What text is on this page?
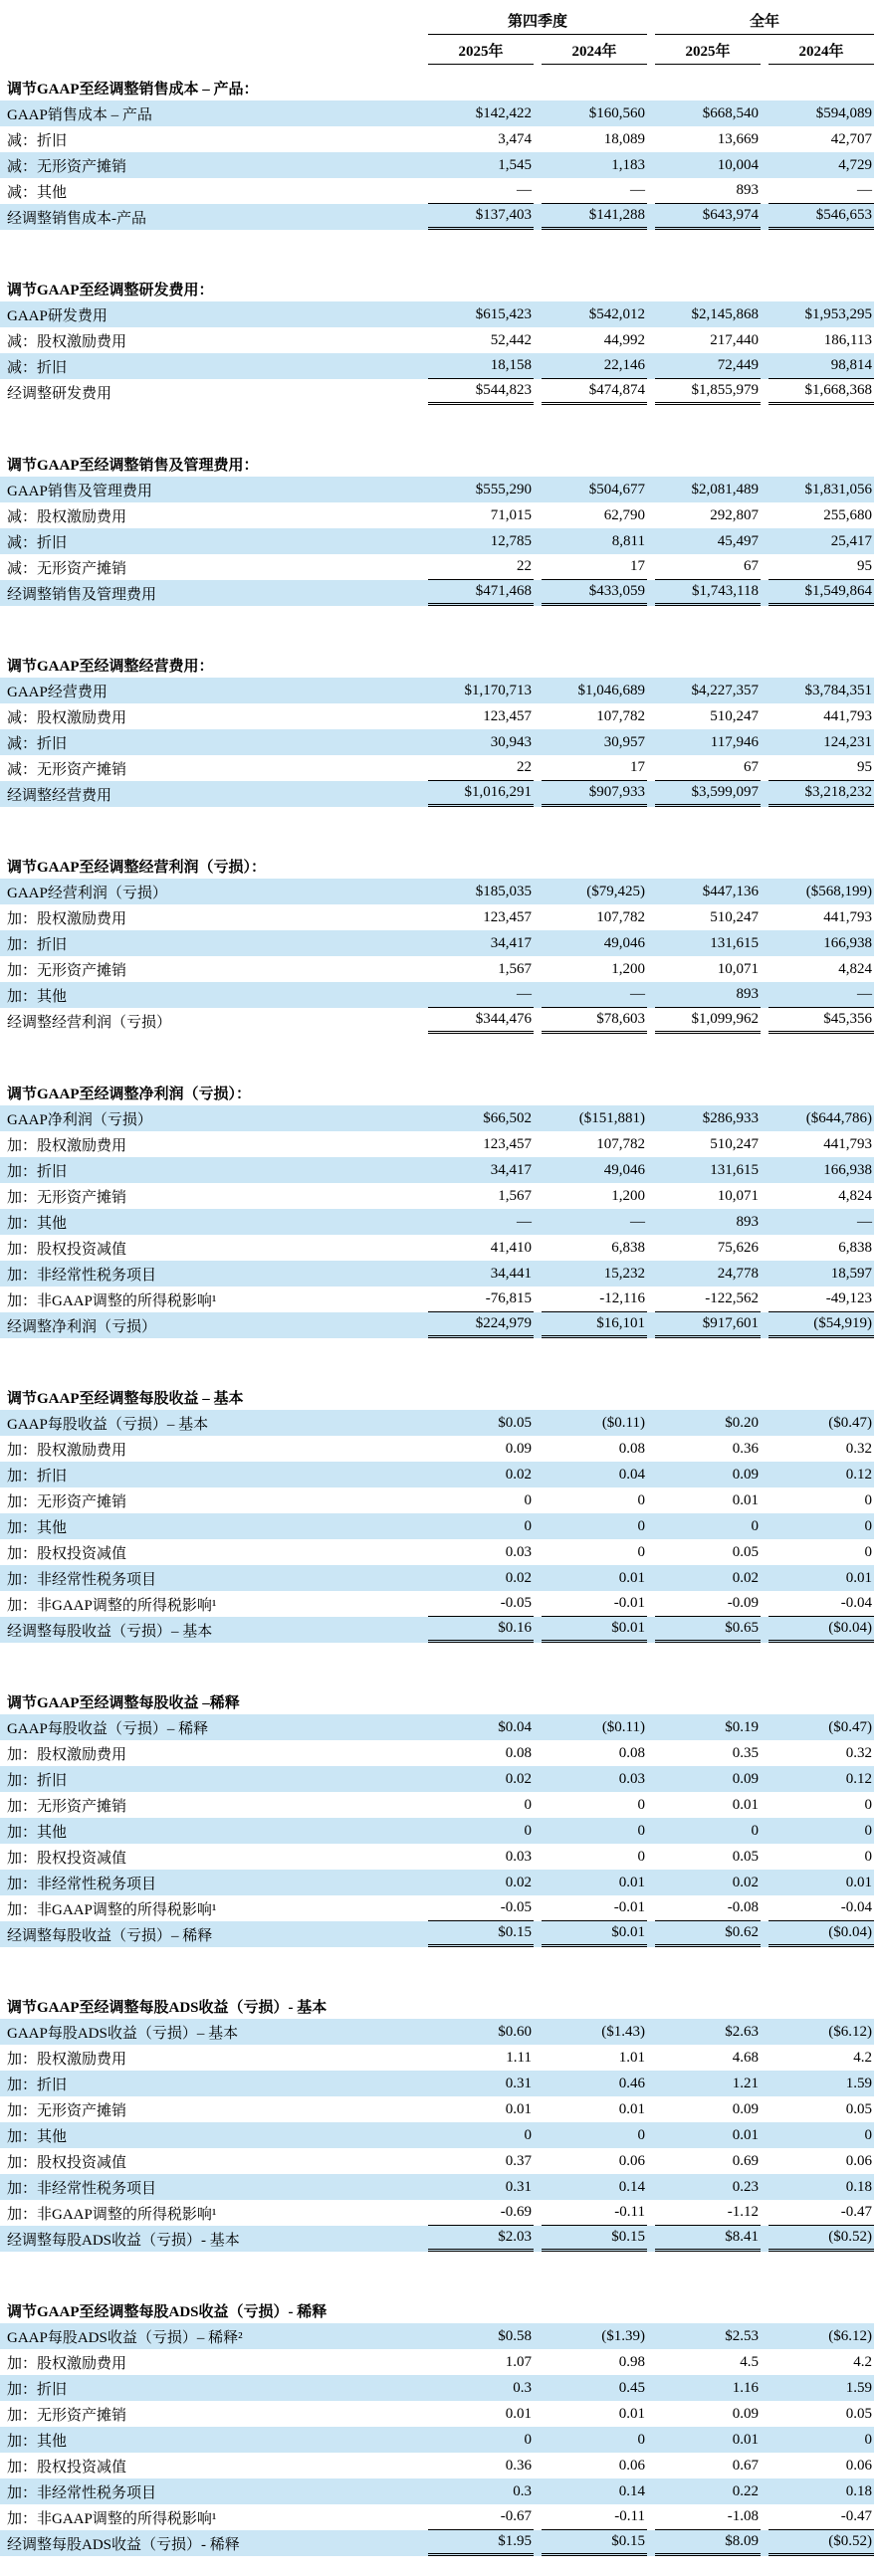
第四季度	全年
2025年	2024年	2025年	2024年
调节GAAP至经调整销售成本 – 产品：
GAAP销售成本 – 产品	$142,422	$160,560	$668,540	$594,089
减：折旧	3,474	18,089	13,669	42,707
减：无形资产摊销	1,545	1,183	10,004	4,729
减：其他	—	—	893	—
经调整销售成本-产品	$137,403	$141,288	$643,974	$546,653
调节GAAP至经调整研发费用：
GAAP研发费用	$615,423	$542,012	$2,145,868	$1,953,295
减：股权激励费用	52,442	44,992	217,440	186,113
减：折旧	18,158	22,146	72,449	98,814
经调整研发费用	$544,823	$474,874	$1,855,979	$1,668,368
调节GAAP至经调整销售及管理费用：
GAAP销售及管理费用	$555,290	$504,677	$2,081,489	$1,831,056
减：股权激励费用	71,015	62,790	292,807	255,680
减：折旧	12,785	8,811	45,497	25,417
减：无形资产摊销	22	17	67	95
经调整销售及管理费用	$471,468	$433,059	$1,743,118	$1,549,864
调节GAAP至经调整经营费用：
GAAP经营费用	$1,170,713	$1,046,689	$4,227,357	$3,784,351
减：股权激励费用	123,457	107,782	510,247	441,793
减：折旧	30,943	30,957	117,946	124,231
减：无形资产摊销	22	17	67	95
经调整经营费用	$1,016,291	$907,933	$3,599,097	$3,218,232
调节GAAP至经调整经营利润（亏损）：
GAAP经营利润（亏损）	$185,035	($79,425)	$447,136	($568,199)
加：股权激励费用	123,457	107,782	510,247	441,793
加：折旧	34,417	49,046	131,615	166,938
加：无形资产摊销	1,567	1,200	10,071	4,824
加：其他	—	—	893	—
经调整经营利润（亏损）	$344,476	$78,603	$1,099,962	$45,356
调节GAAP至经调整净利润（亏损）：
GAAP净利润（亏损）	$66,502	($151,881)	$286,933	($644,786)
加：股权激励费用	123,457	107,782	510,247	441,793
加：折旧	34,417	49,046	131,615	166,938
加：无形资产摊销	1,567	1,200	10,071	4,824
加：其他	—	—	893	—
加：股权投资减值	41,410	6,838	75,626	6,838
加：非经常性税务项目	34,441	15,232	24,778	18,597
加：非GAAP调整的所得税影响¹	-76,815	-12,116	-122,562	-49,123
经调整净利润（亏损）	$224,979	$16,101	$917,601	($54,919)
调节GAAP至经调整每股收益 – 基本
GAAP每股收益（亏损）– 基本	$0.05	($0.11)	$0.20	($0.47)
加：股权激励费用	0.09	0.08	0.36	0.32
加：折旧	0.02	0.04	0.09	0.12
加：无形资产摊销	0	0	0.01	0
加：其他	0	0	0	0
加：股权投资减值	0.03	0	0.05	0
加：非经常性税务项目	0.02	0.01	0.02	0.01
加：非GAAP调整的所得税影响¹	-0.05	-0.01	-0.09	-0.04
经调整每股收益（亏损）– 基本	$0.16	$0.01	$0.65	($0.04)
调节GAAP至经调整每股收益 –稀释
GAAP每股收益（亏损）– 稀释	$0.04	($0.11)	$0.19	($0.47)
加：股权激励费用	0.08	0.08	0.35	0.32
加：折旧	0.02	0.03	0.09	0.12
加：无形资产摊销	0	0	0.01	0
加：其他	0	0	0	0
加：股权投资减值	0.03	0	0.05	0
加：非经常性税务项目	0.02	0.01	0.02	0.01
加：非GAAP调整的所得税影响¹	-0.05	-0.01	-0.08	-0.04
经调整每股收益（亏损）– 稀释	$0.15	$0.01	$0.62	($0.04)
调节GAAP至经调整每股ADS收益（亏损）- 基本
GAAP每股ADS收益（亏损）– 基本	$0.60	($1.43)	$2.63	($6.12)
加：股权激励费用	1.11	1.01	4.68	4.2
加：折旧	0.31	0.46	1.21	1.59
加：无形资产摊销	0.01	0.01	0.09	0.05
加：其他	0	0	0.01	0
加：股权投资减值	0.37	0.06	0.69	0.06
加：非经常性税务项目	0.31	0.14	0.23	0.18
加：非GAAP调整的所得税影响¹	-0.69	-0.11	-1.12	-0.47
经调整每股ADS收益（亏损）- 基本	$2.03	$0.15	$8.41	($0.52)
调节GAAP至经调整每股ADS收益（亏损）- 稀释
GAAP每股ADS收益（亏损）– 稀释²	$0.58	($1.39)	$2.53	($6.12)
加：股权激励费用	1.07	0.98	4.5	4.2
加：折旧	0.3	0.45	1.16	1.59
加：无形资产摊销	0.01	0.01	0.09	0.05
加：其他	0	0	0.01	0
加：股权投资减值	0.36	0.06	0.67	0.06
加：非经常性税务项目	0.3	0.14	0.22	0.18
加：非GAAP调整的所得税影响¹	-0.67	-0.11	-1.08	-0.47
经调整每股ADS收益（亏损）- 稀释	$1.95	$0.15	$8.09	($0.52)
